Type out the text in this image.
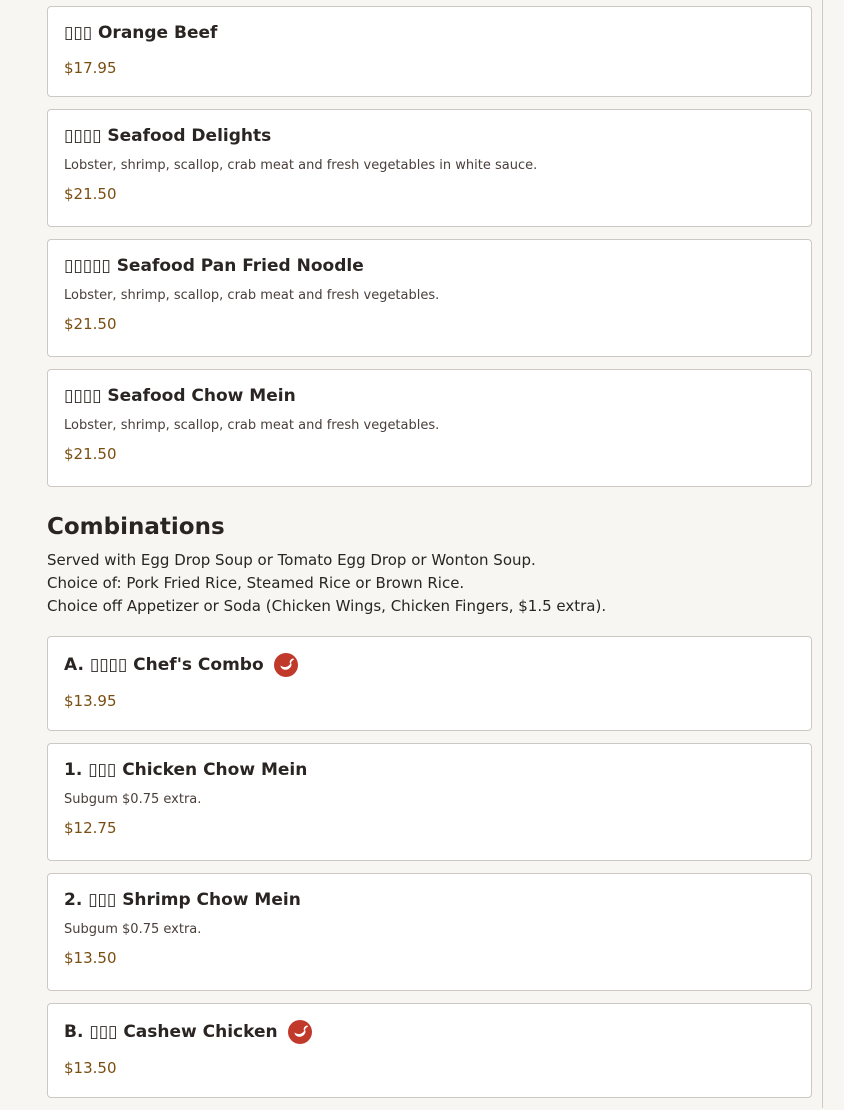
▯▯▯ Orange Beef
$17.95
▯▯▯▯ Seafood Delights
Lobster, shrimp, scallop, crab meat and fresh vegetables in white sauce.
$21.50
▯▯▯▯▯ Seafood Pan Fried Noodle
Lobster, shrimp, scallop, crab meat and fresh vegetables.
$21.50
▯▯▯▯ Seafood Chow Mein
Lobster, shrimp, scallop, crab meat and fresh vegetables.
$21.50
Combinations
Served with Egg Drop Soup or Tomato Egg Drop or Wonton Soup.
Choice of: Pork Fried Rice, Steamed Rice or Brown Rice.
Choice off Appetizer or Soda (Chicken Wings, Chicken Fingers, $1.5 extra).
A. ▯▯▯▯ Chef's Combo
$13.95
1. ▯▯▯ Chicken Chow Mein
Subgum $0.75 extra.
$12.75
2. ▯▯▯ Shrimp Chow Mein
Subgum $0.75 extra.
$13.50
B. ▯▯▯ Cashew Chicken
$13.50
